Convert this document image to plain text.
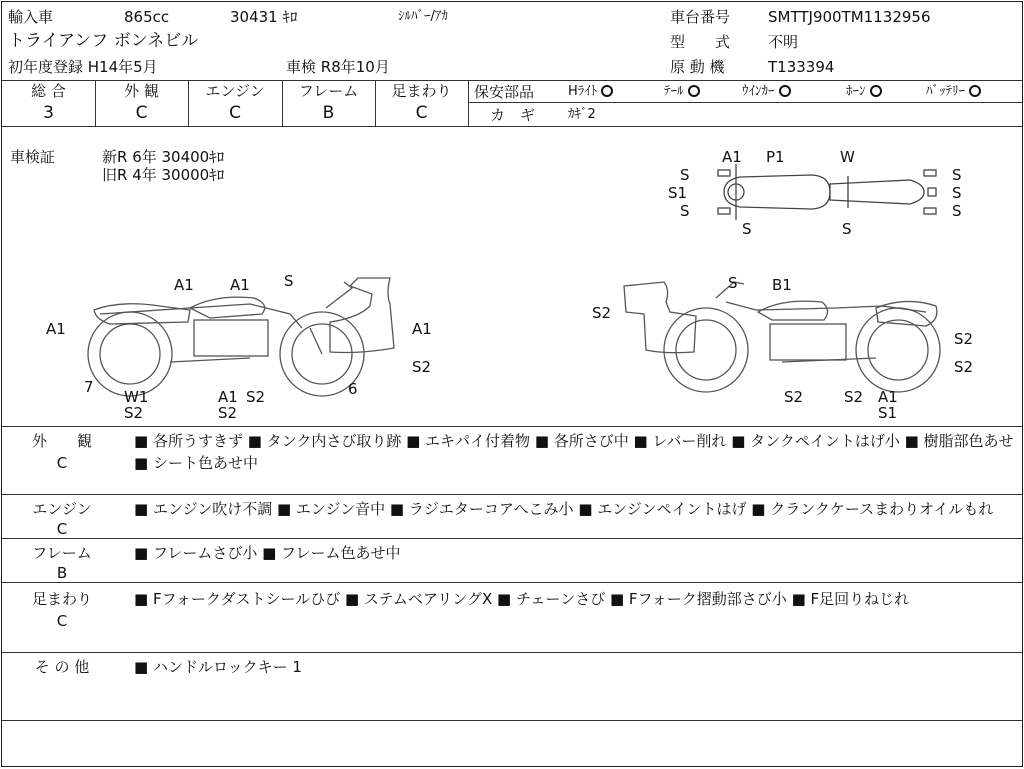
輸入車	865cc	30431 ｷﾛ	ｼﾙﾊﾞｰ/ｱｶ
トライアンフ ボンネビル
初年度登録 H14年5月	車検 R8年10月
車台番号	SMTTJ900TM1132956
型　　式	不明
原 動 機	T133394
総 合
3
外 観
C
エンジン
C
フレーム
B
足まわり
C
保安部品	Hﾗｲﾄ	ﾃｰﾙ	ｳｲﾝｶｰ	ﾎｰﾝ	ﾊﾞｯﾃﾘｰ
カ　ギ	ｶｷﾞ2
車検証	新R 6年 30400ｷﾛ
旧R 4年 30000ｷﾛ
A1 P1	W
S
S1
S
S	S
S
S
S
A1 A1 S
A1	A1
S2
7
W1
S2
A1 S2
S2
6
S B1
S2
S2
S2
S2	S2 A1
S1
外　　観
C
■ 各所うすきず ■ タンク内さび取り跡 ■ エキパイ付着物 ■ 各所さび中 ■ レバー削れ ■ タンクペイントはげ小 ■ 樹脂部色あせ ■ シート色あせ中
エンジン
C
■ エンジン吹け不調 ■ エンジン音中 ■ ラジエターコアへこみ小 ■ エンジンペイントはげ ■ クランクケースまわりオイルもれ
フレーム
B
■ フレームさび小 ■ フレーム色あせ中
足まわり
C
■ Fフォークダストシールひび ■ ステムベアリングX ■ チェーンさび ■ Fフォーク摺動部さび小 ■ F足回りねじれ
そ の 他	■ ハンドルロックキー 1
